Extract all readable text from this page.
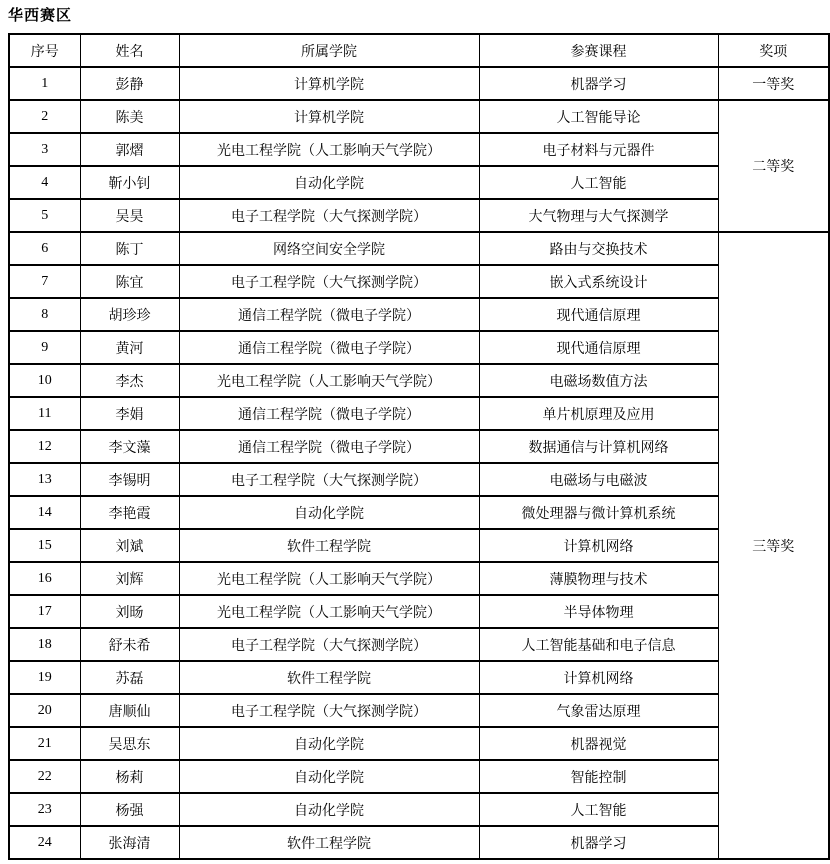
华西赛区
序号	姓名	所属学院	参赛课程	奖项
1	彭静	计算机学院	机器学习	一等奖
2	陈美	计算机学院	人工智能导论	二等奖
3	郭熠	光电工程学院（人工影响天气学院）	电子材料与元器件	
4	靳小钊	自动化学院	人工智能	
5	吴昊	电子工程学院（大气探测学院）	大气物理与大气探测学	
6	陈丁	网络空间安全学院	路由与交换技术	三等奖
7	陈宜	电子工程学院（大气探测学院）	嵌入式系统设计	
8	胡珍珍	通信工程学院（微电子学院）	现代通信原理	
9	黄河	通信工程学院（微电子学院）	现代通信原理	
10	李杰	光电工程学院（人工影响天气学院）	电磁场数值方法	
11	李娟	通信工程学院（微电子学院）	单片机原理及应用	
12	李文藻	通信工程学院（微电子学院）	数据通信与计算机网络	
13	李锡明	电子工程学院（大气探测学院）	电磁场与电磁波	
14	李艳霞	自动化学院	微处理器与微计算机系统	
15	刘斌	软件工程学院	计算机网络	
16	刘辉	光电工程学院（人工影响天气学院）	薄膜物理与技术	
17	刘旸	光电工程学院（人工影响天气学院）	半导体物理	
18	舒未希	电子工程学院（大气探测学院）	人工智能基础和电子信息	
19	苏磊	软件工程学院	计算机网络	
20	唐顺仙	电子工程学院（大气探测学院）	气象雷达原理	
21	吴思东	自动化学院	机器视觉	
22	杨莉	自动化学院	智能控制	
23	杨强	自动化学院	人工智能	
24	张海清	软件工程学院	机器学习	
